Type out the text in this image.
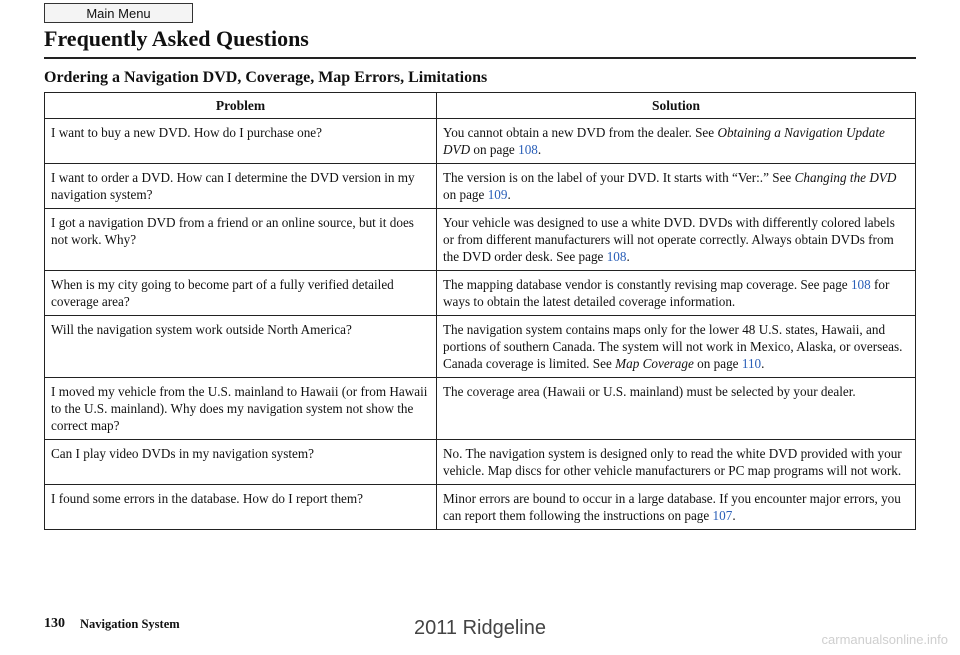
Main Menu
Frequently Asked Questions
Ordering a Navigation DVD, Coverage, Map Errors, Limitations
Problem	Solution
I want to buy a new DVD. How do I purchase one?	You cannot obtain a new DVD from the dealer. See Obtaining a Navigation Update DVD on page 108.
I want to order a DVD. How can I determine the DVD version in my navigation system?	The version is on the label of your DVD. It starts with “Ver:.” See Changing the DVD on page 109.
I got a navigation DVD from a friend or an online source, but it does not work. Why?	Your vehicle was designed to use a white DVD. DVDs with differently colored labels or from different manufacturers will not operate correctly. Always obtain DVDs from the DVD order desk. See page 108.
When is my city going to become part of a fully verified detailed coverage area?	The mapping database vendor is constantly revising map coverage. See page 108 for ways to obtain the latest detailed coverage information.
Will the navigation system work outside North America?	The navigation system contains maps only for the lower 48 U.S. states, Hawaii, and portions of southern Canada. The system will not work in Mexico, Alaska, or overseas. Canada coverage is limited. See Map Coverage on page 110.
I moved my vehicle from the U.S. mainland to Hawaii (or from Hawaii to the U.S. mainland). Why does my navigation system not show the correct map?	The coverage area (Hawaii or U.S. mainland) must be selected by your dealer.
Can I play video DVDs in my navigation system?	No. The navigation system is designed only to read the white DVD provided with your vehicle. Map discs for other vehicle manufacturers or PC map programs will not work.
I found some errors in the database. How do I report them?	Minor errors are bound to occur in a large database. If you encounter major errors, you can report them following the instructions on page 107.
130 Navigation System	2011 Ridgeline
carmanualsonline.info
